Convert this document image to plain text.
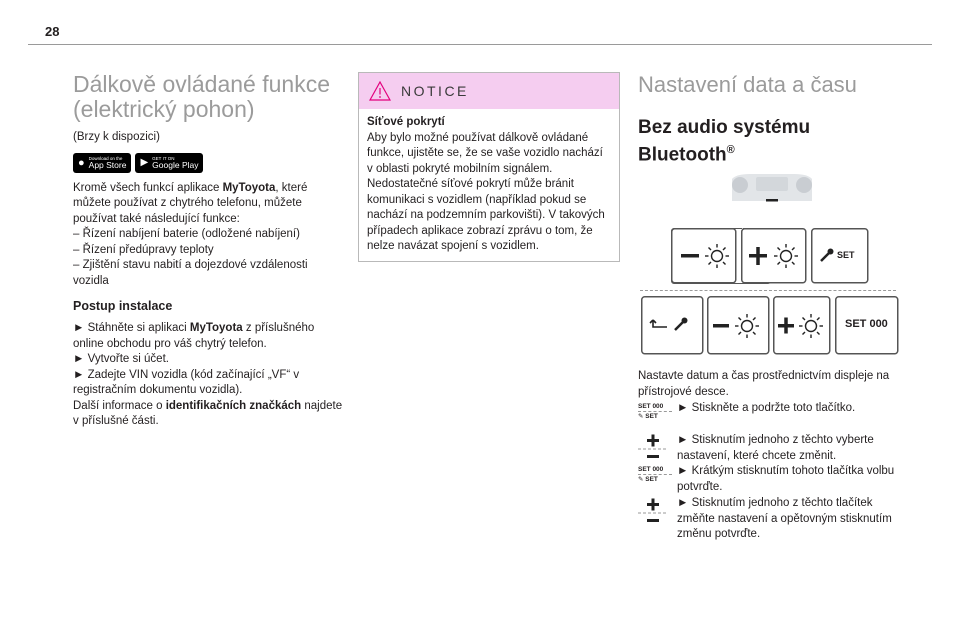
28
Dálkově ovládané funkce
(elektrický pohon)
(Brzy k dispozici)
● Download on the
App Store ▶ GET IT ON
Google Play
Kromě všech funkcí aplikace MyToyota, které můžete používat z chytrého telefonu, můžete používat také následující funkce:
– Řízení nabíjení baterie (odložené nabíjení)
– Řízení předúpravy teploty
– Zjištění stavu nabití a dojezdové vzdálenosti vozidla
Postup instalace
► Stáhněte si aplikaci MyToyota z příslušného online obchodu pro váš chytrý telefon.
► Vytvořte si účet.
► Zadejte VIN vozidla (kód začínající „VF“ v registračním dokumentu vozidla).
Další informace o identifikačních značkách najdete v příslušné části.
NOTICE
Síťové pokrytí
Aby bylo možné používat dálkově ovládané funkce, ujistěte se, že se vaše vozidlo nachází v oblasti pokryté mobilním signálem. Nedostatečné síťové pokrytí může bránit komunikaci s vozidlem (například pokud se nachází na podzemním parkovišti). V takových případech aplikace zobrazí zprávu o tom, že nelze navázat spojení s vozidlem.
Nastavení data a času
Bez audio systému
Bluetooth®
SET
SET 000
Nastavte datum a čas prostřednictvím displeje na přístrojové desce.
SET 000
✎ SET
► Stiskněte a podržte toto tlačítko.
► Stisknutím jednoho z těchto vyberte nastavení, které chcete změnit.
SET 000
✎ SET
► Krátkým stisknutím tohoto tlačítka volbu potvrďte.
► Stisknutím jednoho z těchto tlačítek změňte nastavení a opětovným stisknutím změnu potvrďte.
